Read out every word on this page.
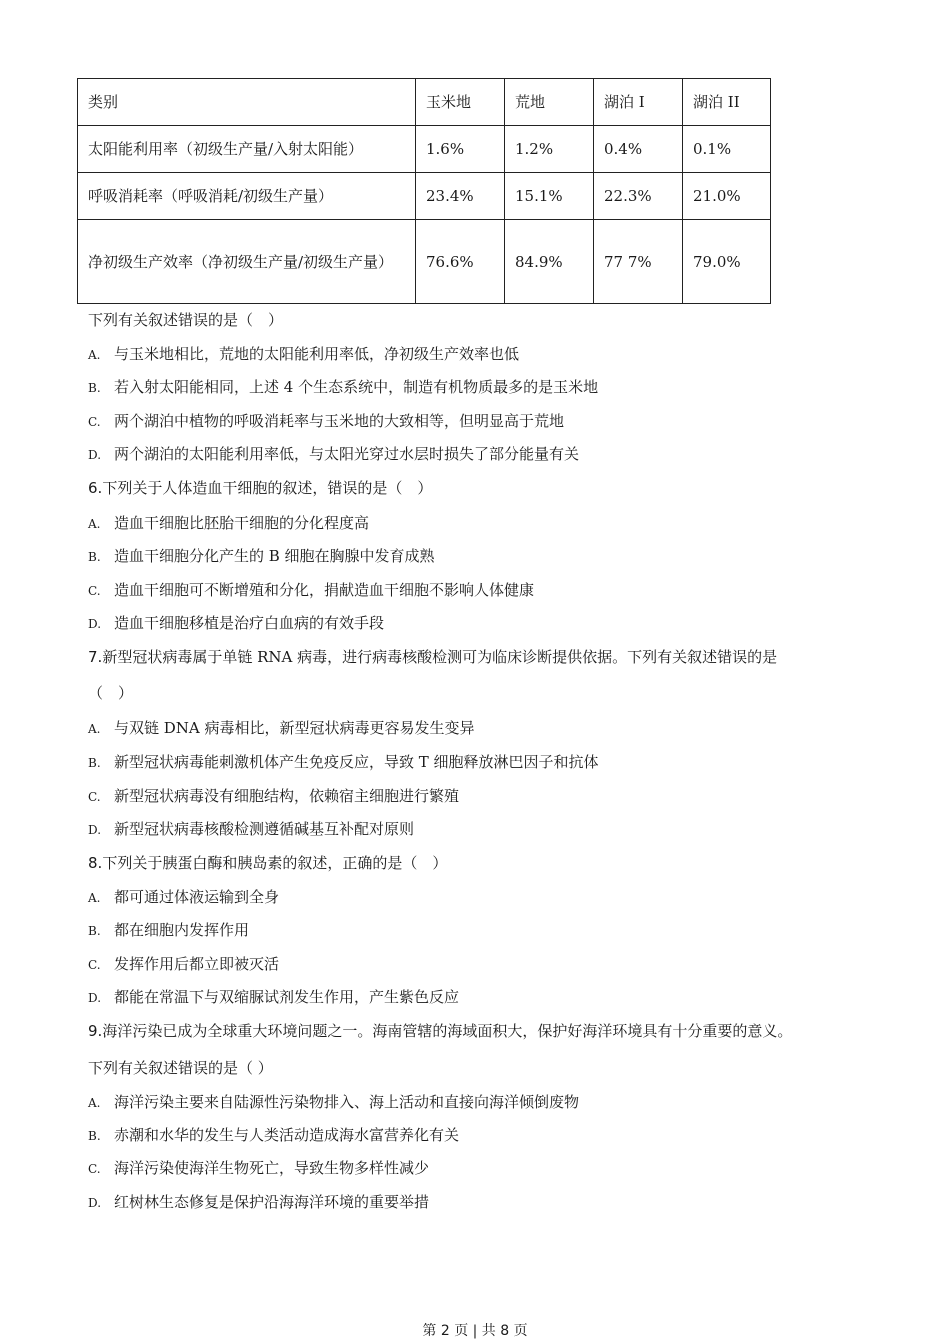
类别	玉米地	荒地	湖泊 I	湖泊 II
太阳能利用率（初级生产量/入射太阳能）	1.6%	1.2%	0.4%	0.1%
呼吸消耗率（呼吸消耗/初级生产量）	23.4%	15.1%	22.3%	21.0%
净初级生产效率（净初级生产量/初级生产量）	76.6%	84.9%	77 7%	79.0%
下列有关叙述错误的是（　）
A. 与玉米地相比，荒地的太阳能利用率低，净初级生产效率也低
B. 若入射太阳能相同，上述 4 个生态系统中，制造有机物质最多的是玉米地
C. 两个湖泊中植物的呼吸消耗率与玉米地的大致相等，但明显高于荒地
D. 两个湖泊的太阳能利用率低，与太阳光穿过水层时损失了部分能量有关
6.下列关于人体造血干细胞的叙述，错误的是（　）
A. 造血干细胞比胚胎干细胞的分化程度高
B. 造血干细胞分化产生的 B 细胞在胸腺中发育成熟
C. 造血干细胞可不断增殖和分化，捐献造血干细胞不影响人体健康
D. 造血干细胞移植是治疗白血病的有效手段
7.新型冠状病毒属于单链 RNA 病毒，进行病毒核酸检测可为临床诊断提供依据。下列有关叙述错误的是
（　）
A. 与双链 DNA 病毒相比，新型冠状病毒更容易发生变异
B. 新型冠状病毒能刺激机体产生免疫反应，导致 T 细胞释放淋巴因子和抗体
C. 新型冠状病毒没有细胞结构，依赖宿主细胞进行繁殖
D. 新型冠状病毒核酸检测遵循碱基互补配对原则
8.下列关于胰蛋白酶和胰岛素的叙述，正确的是（　）
A. 都可通过体液运输到全身
B. 都在细胞内发挥作用
C. 发挥作用后都立即被灭活
D. 都能在常温下与双缩脲试剂发生作用，产生紫色反应
9.海洋污染已成为全球重大环境问题之一。海南管辖的海域面积大，保护好海洋环境具有十分重要的意义。
下列有关叙述错误的是（ ）
A. 海洋污染主要来自陆源性污染物排入、海上活动和直接向海洋倾倒废物
B. 赤潮和水华的发生与人类活动造成海水富营养化有关
C. 海洋污染使海洋生物死亡，导致生物多样性减少
D. 红树林生态修复是保护沿海海洋环境的重要举措
第 2 页 | 共 8 页
